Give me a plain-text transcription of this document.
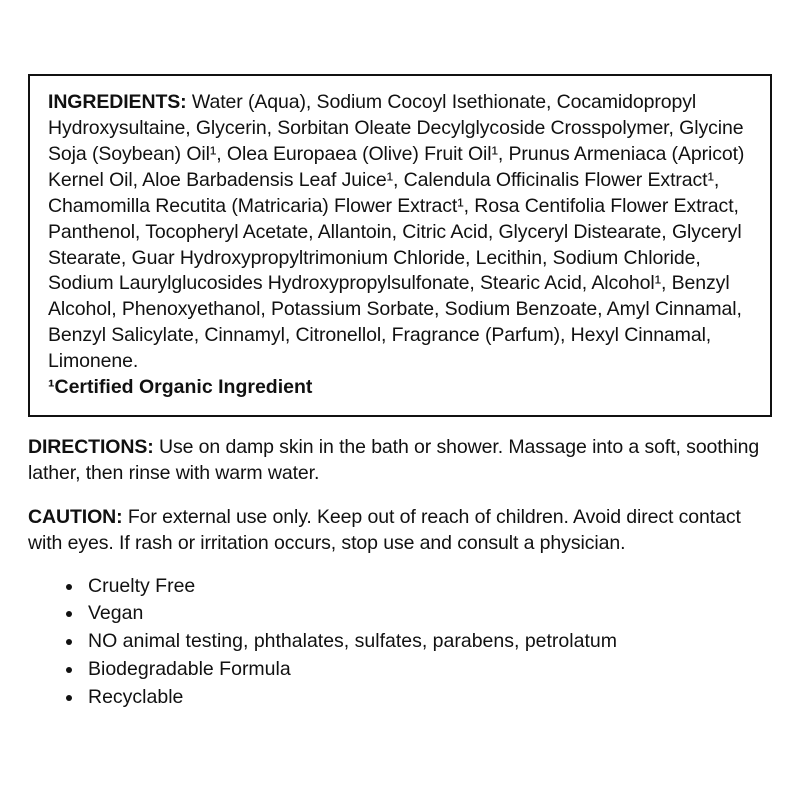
INGREDIENTS: Water (Aqua), Sodium Cocoyl Isethionate, Cocamidopropyl Hydroxysultaine, Glycerin, Sorbitan Oleate Decylglycoside Crosspolymer, Glycine Soja (Soybean) Oil¹, Olea Europaea (Olive) Fruit Oil¹, Prunus Armeniaca (Apricot) Kernel Oil, Aloe Barbadensis Leaf Juice¹, Calendula Officinalis Flower Extract¹, Chamomilla Recutita (Matricaria) Flower Extract¹, Rosa Centifolia Flower Extract, Panthenol, Tocopheryl Acetate, Allantoin, Citric Acid, Glyceryl Distearate, Glyceryl Stearate, Guar Hydroxypropyltrimonium Chloride, Lecithin, Sodium Chloride, Sodium Laurylglucosides Hydroxypropylsulfonate, Stearic Acid, Alcohol¹, Benzyl Alcohol, Phenoxyethanol, Potassium Sorbate, Sodium Benzoate, Amyl Cinnamal, Benzyl Salicylate, Cinnamyl, Citronellol, Fragrance (Parfum), Hexyl Cinnamal, Limonene.

¹Certified Organic Ingredient

DIRECTIONS: Use on damp skin in the bath or shower. Massage into a soft, soothing lather, then rinse with warm water.

CAUTION: For external use only. Keep out of reach of children. Avoid direct contact with eyes. If rash or irritation occurs, stop use and consult a physician.

• Cruelty Free
• Vegan
• NO animal testing, phthalates, sulfates, parabens, petrolatum
• Biodegradable Formula
• Recyclable
